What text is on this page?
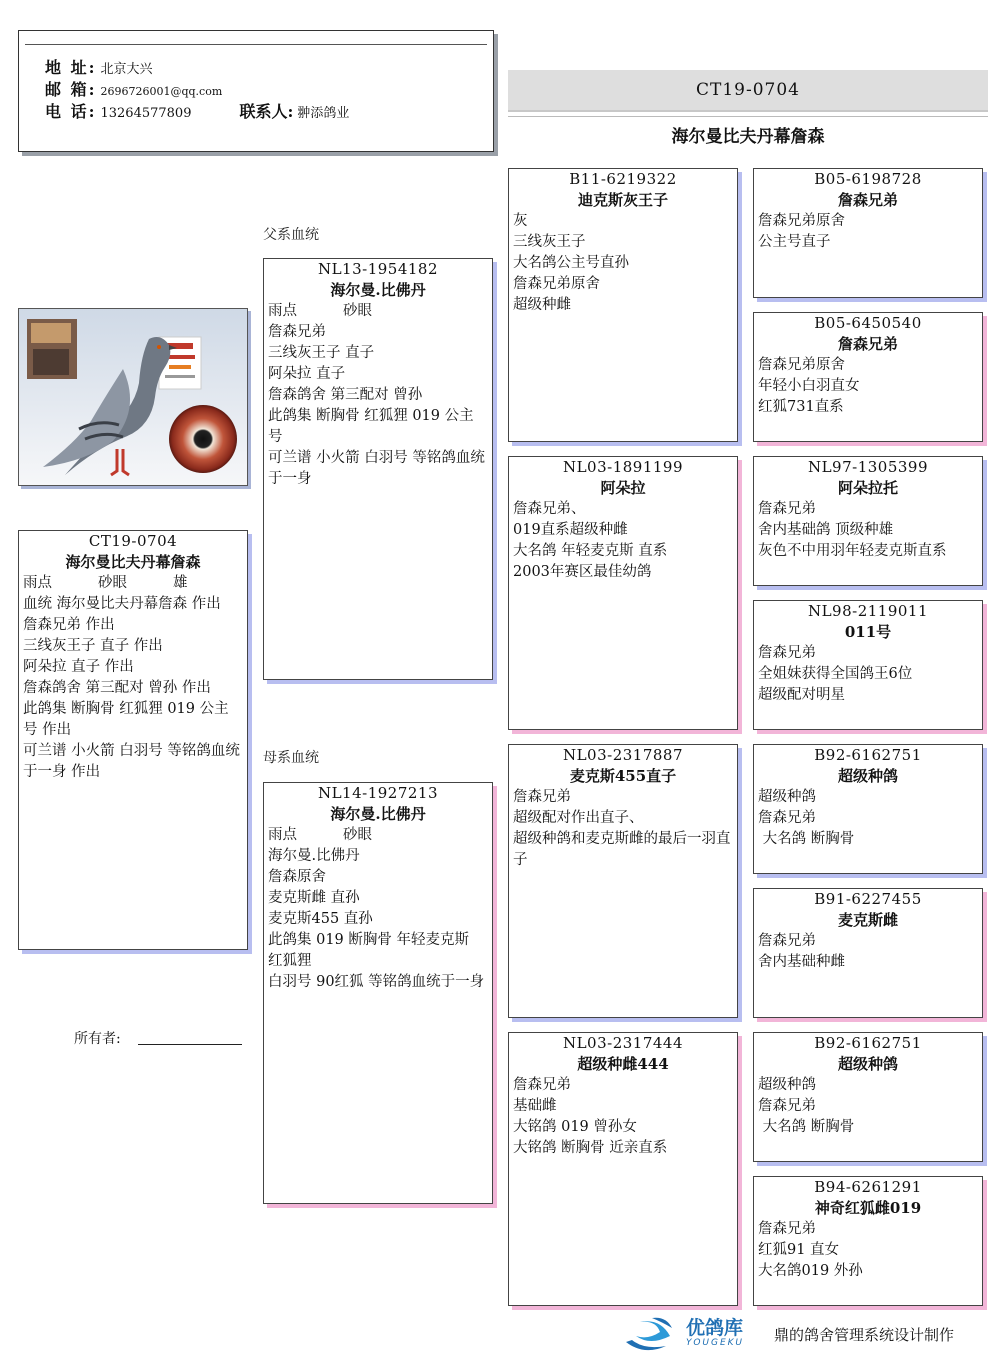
地 址: 北京大兴
邮 箱: 2696726001@qq.com
电 话: 13264577809	联系人: 翀添鸽业
CT19-0704
海尔曼比夫丹幕詹森
父系血统
母系血统
CT19-0704
海尔曼比夫丹幕詹森
雨点	砂眼	雄
血统 海尔曼比夫丹幕詹森 作出
詹森兄弟 作出
三线灰王子 直子 作出
阿朵拉 直子 作出
詹森鸽舍 第三配对 曾孙 作出
此鸽集 断胸骨 红狐狸 019 公主号 作出
可兰谱 小火箭 白羽号 等铭鸽血统于一身 作出
NL13-1954182
海尔曼.比佛丹
雨点	砂眼
詹森兄弟
三线灰王子 直子
阿朵拉 直子
詹森鸽舍 第三配对 曾孙
此鸽集 断胸骨 红狐狸 019 公主号
可兰谱 小火箭 白羽号 等铭鸽血统于一身
NL14-1927213
海尔曼.比佛丹
雨点	砂眼
海尔曼.比佛丹
詹森原舍
麦克斯雌 直孙
麦克斯455 直孙
此鸽集 019 断胸骨 年轻麦克斯 红狐狸
白羽号 90红狐 等铭鸽血统于一身
B11-6219322
迪克斯灰王子
灰
三线灰王子
大名鸽公主号直孙
詹森兄弟原舍
超级种雌
NL03-1891199
阿朵拉
詹森兄弟、
019直系超级种雌
大名鸽 年轻麦克斯 直系
2003年赛区最佳幼鸽
NL03-2317887
麦克斯455直子
詹森兄弟
超级配对作出直子、
超级种鸽和麦克斯雌的最后一羽直子
NL03-2317444
超级种雌444
詹森兄弟
基础雌
大铭鸽 019 曾孙女
大铭鸽 断胸骨 近亲直系
B05-6198728
詹森兄弟
詹森兄弟原舍
公主号直子
B05-6450540
詹森兄弟
詹森兄弟原舍
年轻小白羽直女
红狐731直系
NL97-1305399
阿朵拉托
詹森兄弟
舍内基础鸽 顶级种雄
灰色不中用羽年轻麦克斯直系
NL98-2119011
011号
詹森兄弟
全姐妹获得全国鸽王6位
超级配对明星
B92-6162751
超级种鸽
超级种鸽
詹森兄弟
大名鸽 断胸骨
B91-6227455
麦克斯雌
詹森兄弟
舍内基础种雌
B92-6162751
超级种鸽
超级种鸽
詹森兄弟
大名鸽 断胸骨
B94-6261291
神奇红狐雌019
詹森兄弟
红狐91 直女
大名鸽019 外孙
所有者:
优鸽库
YOUGEKU 鼎的鸽舍管理系统设计制作
